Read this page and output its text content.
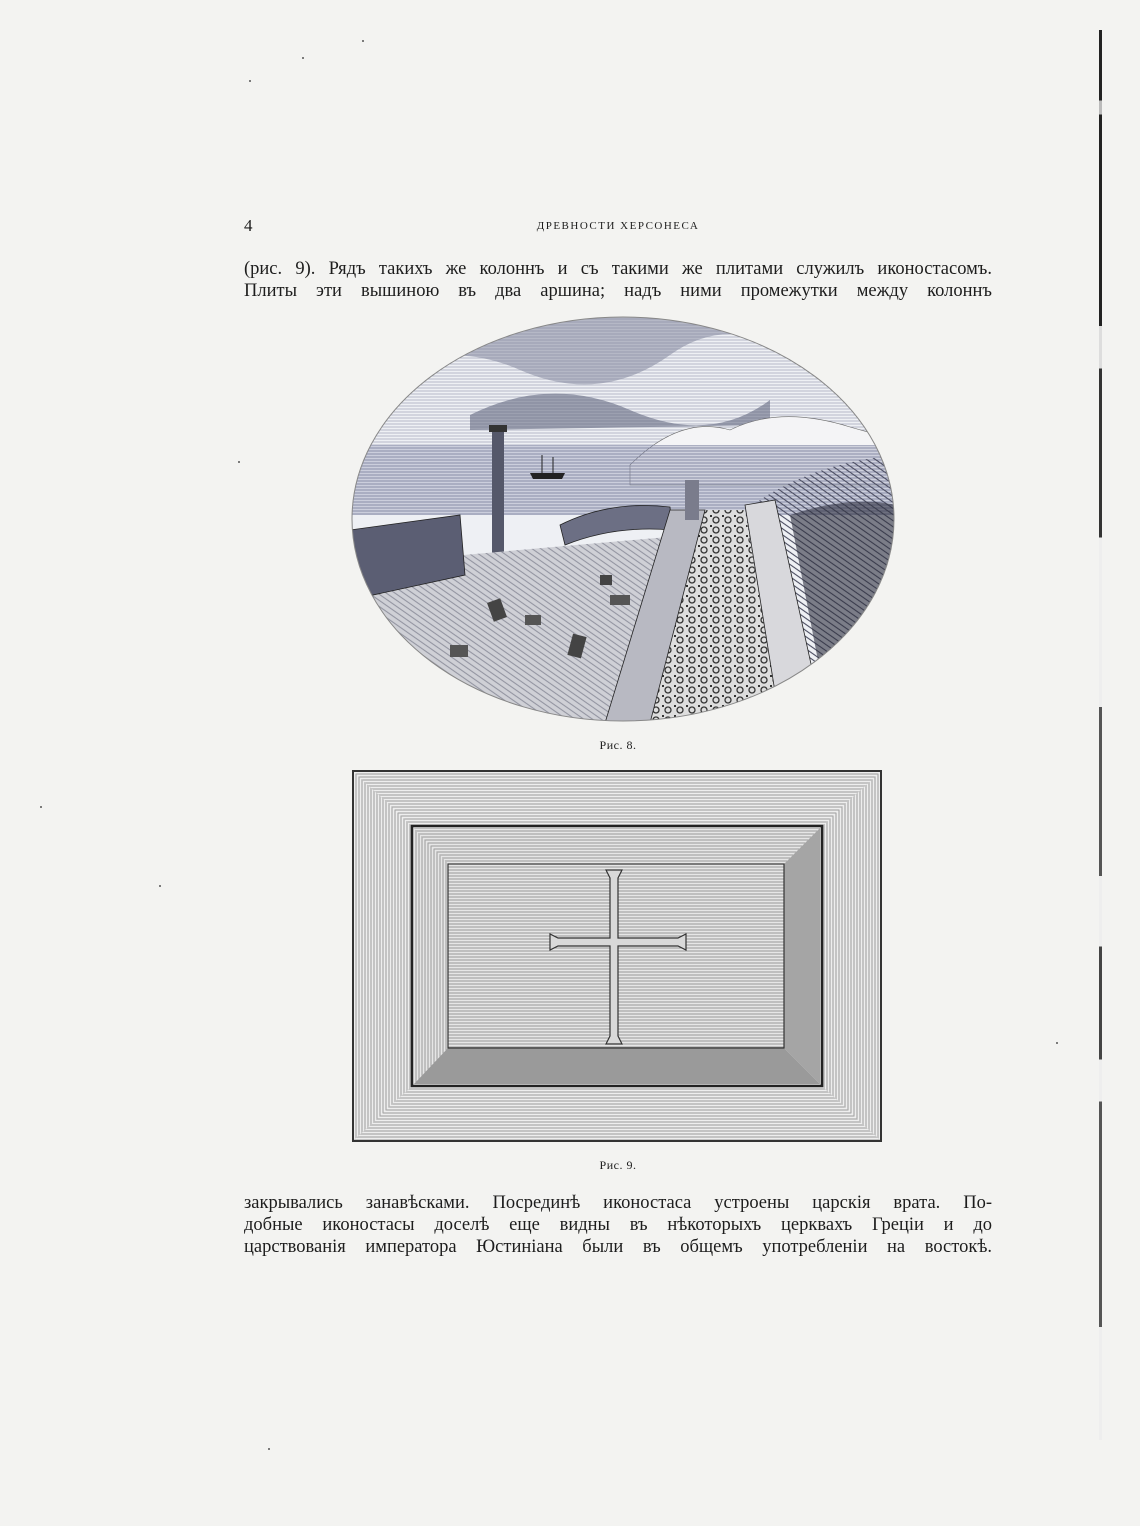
4	ДРЕВНОСТИ ХЕРСОНЕСА
(рис. 9). Рядъ такихъ же колоннъ и съ такими же плитами служилъ иконостасомъ.
Плиты эти вышиною въ два аршина; надъ ними промежутки между колоннъ
Рис. 8.
Рис. 9.
закрывались занавѣсками. Посрединѣ иконостаса устроены царскія врата. По-
добные иконостасы доселѣ еще видны въ нѣкоторыхъ церквахъ Греціи и до
царствованія императора Юстиніана были въ общемъ употребленіи на востокѣ.
